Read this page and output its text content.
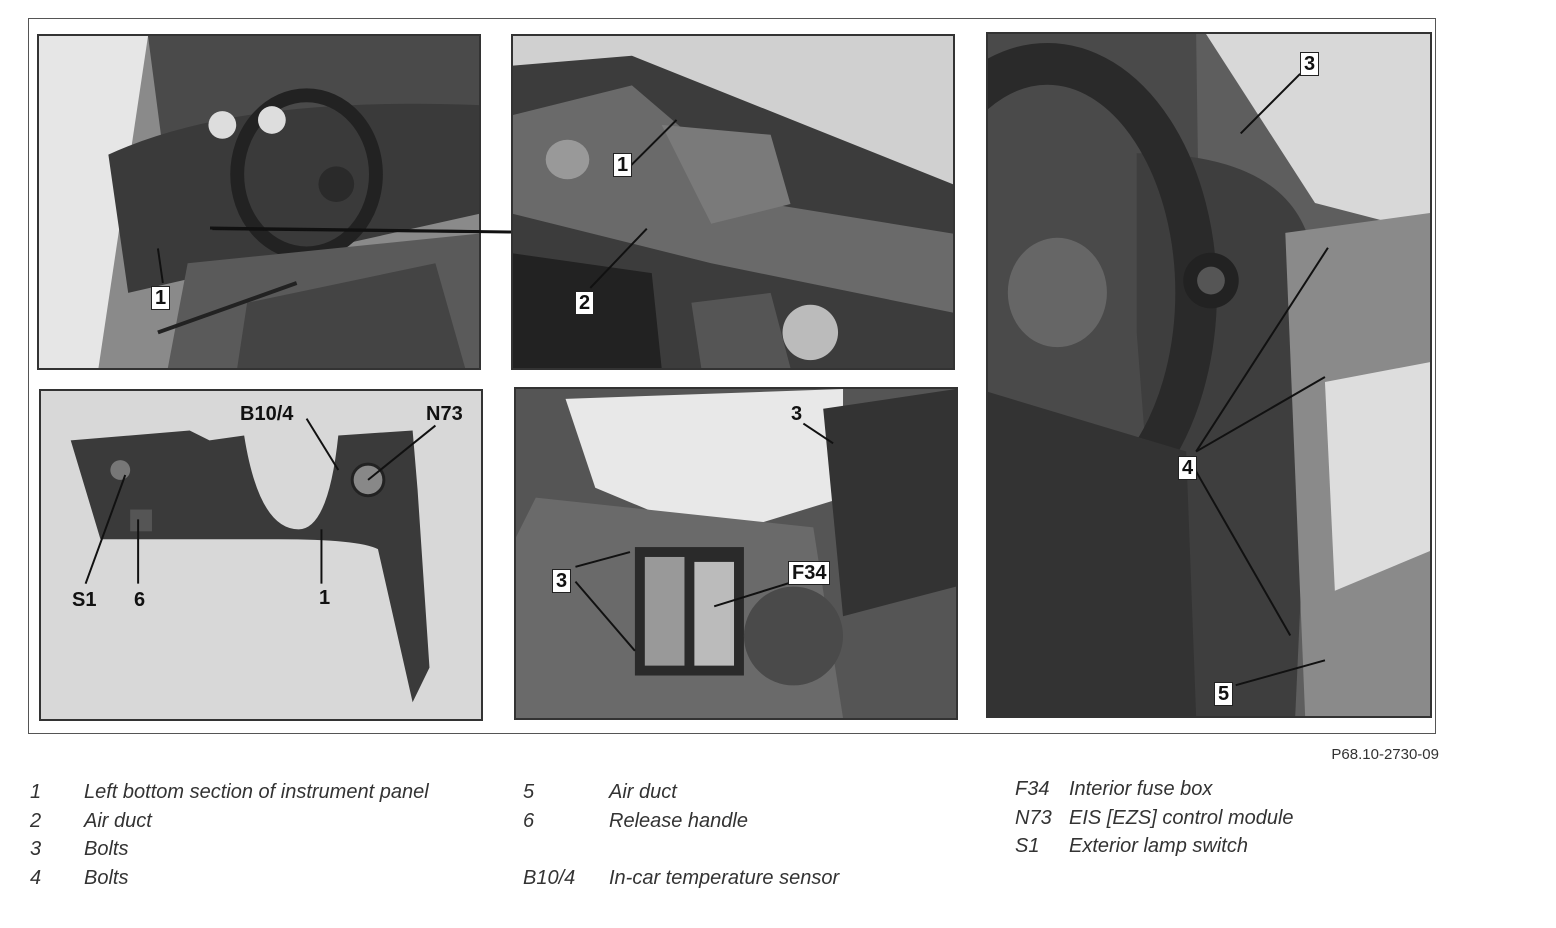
1
1
2
3
4
5
B10/4	N73
S1 6	1
3
3	F34
P68.10-2730-09
1	Left bottom section of instrument panel
2	Air duct
3	Bolts
4	Bolts
5	Air duct
6	Release handle
B10/4	In-car temperature sensor
F34 Interior fuse box
N73 EIS [EZS] control module
S1	Exterior lamp switch
